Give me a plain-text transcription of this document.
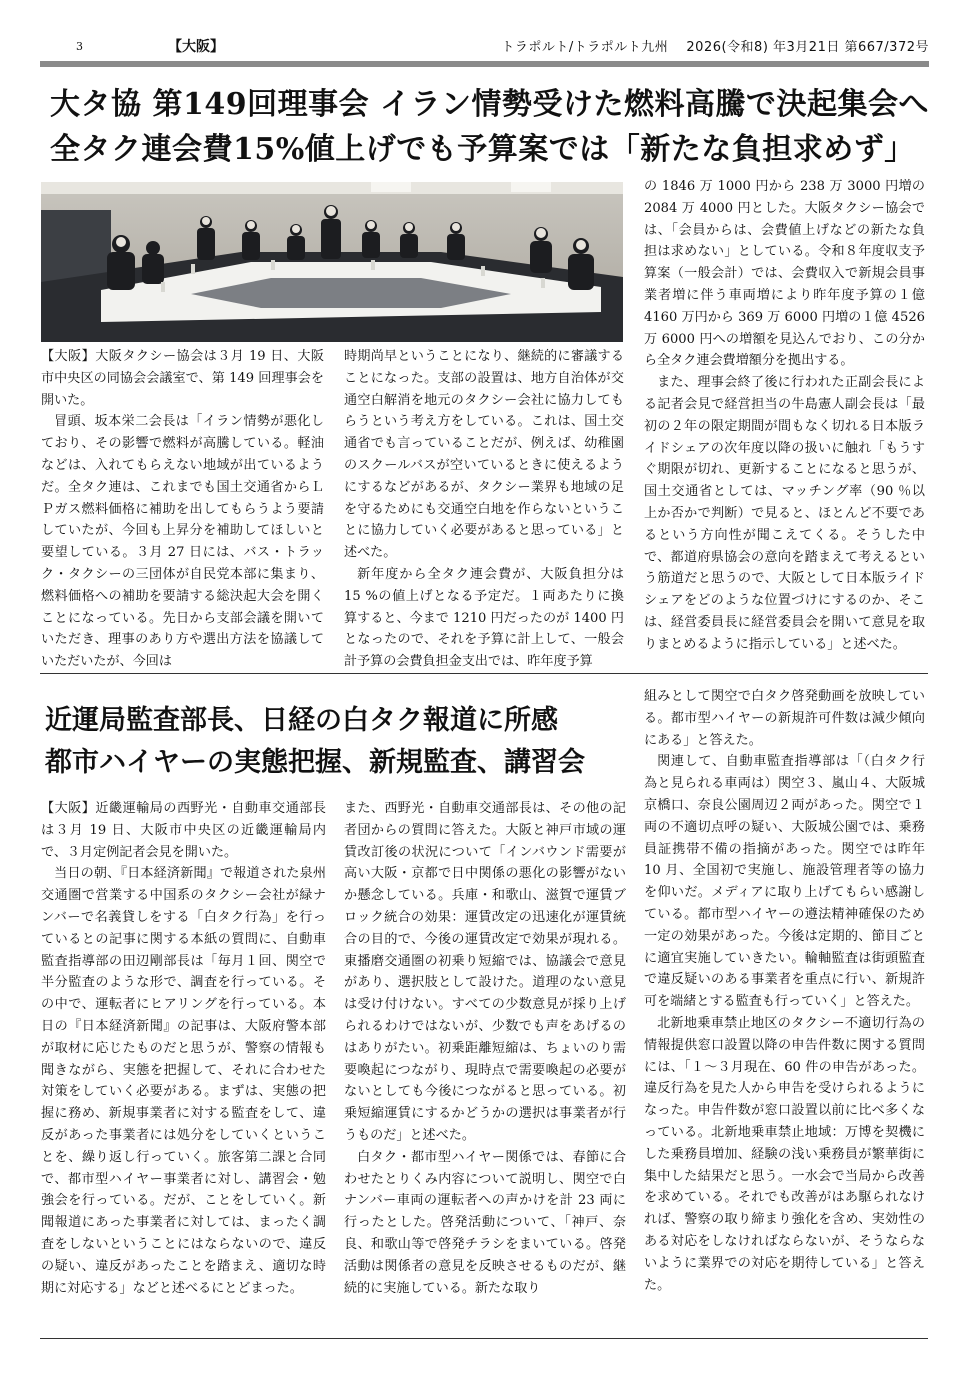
3	【大阪】	トラポルト/トラポルト九州　 2026(令和8) 年3月21日 第667/372号
大タ協 第149回理事会 イラン情勢受けた燃料高騰で決起集会へ
全タク連会費15%値上げでも予算案では「新たな負担求めず」

【大阪】大阪タクシー協会は３月 19 日、大阪市中央区の同協会会議室で、第 149 回理事会を開いた。

冒頭、坂本栄二会長は「イラン情勢が悪化しており、その影響で燃料が高騰している。軽油などは、入れてもらえない地域が出ているようだ。全タク連は、これまでも国土交通省からＬＰガス燃料価格に補助を出してもらうよう要請していたが、今回も上昇分を補助してほしいと要望している。３月 27 日には、バス・トラック・タクシーの三団体が自民党本部に集まり、燃料価格への補助を要請する総決起大会を開くことになっている。先日から支部会議を開いていただき、理事のあり方や選出方法を協議していただいたが、今回は

時期尚早ということになり、継続的に審議することになった。支部の設置は、地方自治体が交通空白解消を地元のタクシー会社に協力してもらうという考え方をしている。これは、国土交通省でも言っていることだが、例えば、幼稚園のスクールバスが空いているときに使えるようにするなどがあるが、タクシー業界も地域の足を守るためにも交通空白地を作らないということに協力していく必要があると思っている」と述べた。

新年度から全タク連会費が、大阪負担分は 15 %の値上げとなる予定だ。１両あたりに換算すると、今まで 1210 円だったのが 1400 円となったので、それを予算に計上して、一般会計予算の会費負担金支出では、昨年度予算

の 1846 万 1000 円から 238 万 3000 円増の 2084 万 4000 円とした。大阪タクシー協会では、「会員からは、会費値上げなどの新たな負担は求めない」としている。令和８年度収支予算案（一般会計）では、会費収入で新規会員事業者増に伴う車両増により昨年度予算の１億 4160 万円から 369 万 6000 円増の１億 4526 万 6000 円への増額を見込んでおり、この分から全タク連会費増額分を拠出する。

また、理事会終了後に行われた正副会長による記者会見で経営担当の牛島憲人副会長は「最初の２年の限定期間が間もなく切れる日本版ライドシェアの次年度以降の扱いに触れ「もうすぐ期限が切れ、更新することになると思うが、国土交通省としては、マッチング率（90 ％以上か否かで判断）で見ると、ほとんど不要であるという方向性が聞こえてくる。そうした中で、都道府県協会の意向を踏まえて考えるという筋道だと思うので、大阪として日本版ライドシェアをどのような位置づけにするのか、そこは、経営委員長に経営委員会を開いて意見を取りまとめるように指示している」と述べた。

近運局監査部長、日経の白タク報道に所感
都市ハイヤーの実態把握、新規監査、講習会

【大阪】近畿運輸局の西野光・自動車交通部長は３月 19 日、大阪市中央区の近畿運輸局内で、３月定例記者会見を開いた。

当日の朝、『日本経済新聞』で報道された泉州交通圏で営業する中国系のタクシー会社が緑ナンバーで名義貸しをする「白タク行為」を行っているとの記事に関する本紙の質問に、自動車監査指導部の田辺剛部長は「毎月１回、関空で半分監査のような形で、調査を行っている。その中で、運転者にヒアリングを行っている。本日の『日本経済新聞』の記事は、大阪府警本部が取材に応じたものだと思うが、警察の情報も聞きながら、実態を把握して、それに合わせた対策をしていく必要がある。まずは、実態の把握に務め、新規事業者に対する監査をして、違反があった事業者には処分をしていくということを、繰り返し行っていく。旅客第二課と合同で、都市型ハイヤー事業者に対し、講習会・勉強会を行っている。だが、ことをしていく。新聞報道にあった事業者に対しては、まったく調査をしないということにはならないので、違反の疑い、違反があったことを踏まえ、適切な時期に対応する」などと述べるにとどまった。

また、西野光・自動車交通部長は、その他の記者団からの質問に答えた。大阪と神戸市域の運賃改訂後の状況について「インバウンド需要が高い大阪・京都で日中関係の悪化の影響がないか懸念している。兵庫・和歌山、滋賀で運賃ブロック統合の効果：運賃改定の迅速化が運賃統合の目的で、今後の運賃改定で効果が現れる。東播磨交通圏の初乗り短縮では、協議会で意見があり、選択肢として設けた。道理のない意見は受け付けない。すべての少数意見が採り上げられるわけではないが、少数でも声をあげるのはありがたい。初乗距離短縮は、ちょいのり需要喚起につながり、現時点で需要喚起の必要がないとしても今後につながると思っている。初乗短縮運賃にするかどうかの選択は事業者が行うものだ」と述べた。

白タク・都市型ハイヤー関係では、春節に合わせたとりくみ内容について説明し、関空で白ナンバー車両の運転者への声かけを計 23 両に行ったとした。啓発活動について、「神戸、奈良、和歌山等で啓発チラシをまいている。啓発活動は関係者の意見を反映させるものだが、継続的に実施している。新たな取り

組みとして関空で白タク啓発動画を放映している。都市型ハイヤーの新規許可件数は減少傾向にある」と答えた。

関連して、自動車監査指導部は「（白タク行為と見られる車両は）関空３、嵐山４、大阪城京橋口、奈良公園周辺２両があった。関空で１両の不適切点呼の疑い、大阪城公園では、乗務員証携帯不備の指摘があった。関空では昨年 10 月、全国初で実施し、施設管理者等の協力を仰いだ。メディアに取り上げてもらい感謝している。都市型ハイヤーの遵法精神確保のため一定の効果があった。今後は定期的、節目ごとに適宜実施していきたい。輪軸監査は街頭監査で違反疑いのある事業者を重点に行い、新規許可を端緒とする監査も行っていく」と答えた。

北新地乗車禁止地区のタクシー不適切行為の情報提供窓口設置以降の申告件数に関する質問には、「１～３月現在、60 件の申告があった。違反行為を見た人から申告を受けられるようになった。申告件数が窓口設置以前に比べ多くなっている。北新地乗車禁止地域：万博を契機にした乗務員増加、経験の浅い乗務員が繁華街に集中した結果だと思う。一水会で当局から改善を求めている。それでも改善がはあ駆られなければ、警察の取り締まり強化を含め、実効性のある対応をしなければならないが、そうならないように業界での対応を期待している」と答えた。
